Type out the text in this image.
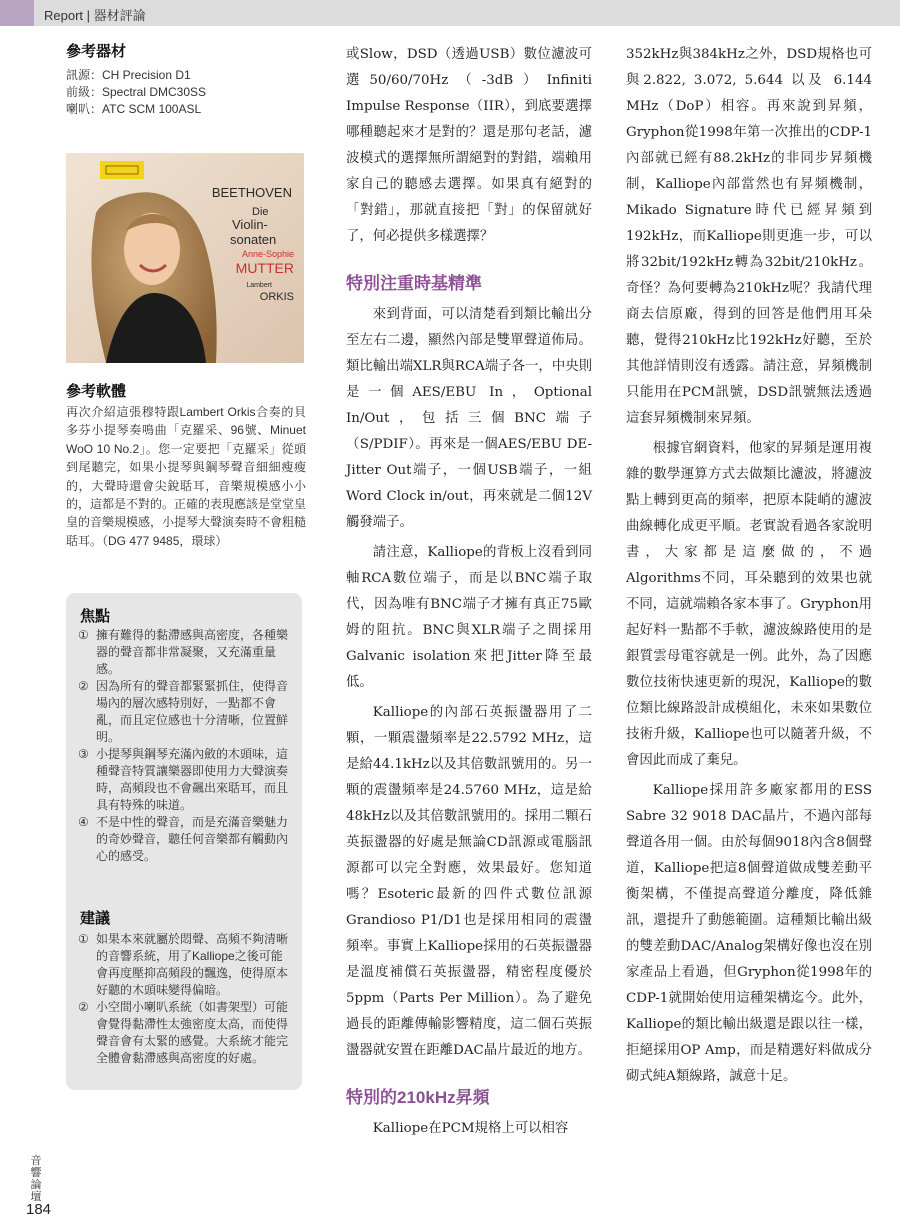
Report | 器材評論
參考器材
訊源：CH Precision D1
前級：Spectral DMC30SS
喇叭：ATC SCM 100ASL
BEETHOVEN
Die
Violin-
sonaten
Anne-Sophie
MUTTER
Lambert
ORKIS
參考軟體
再次介紹這張穆特跟Lambert Orkis合奏的貝多芬小提琴奏鳴曲「克羅采、96號、Minuet WoO 10 No.2」。您一定要把「克羅采」從頭到尾聽完，如果小提琴與鋼琴聲音細細瘦瘦的，大聲時還會尖銳聒耳，音樂規模感小小的，這都是不對的。正確的表現應該是堂堂皇皇的音樂規模感，小提琴大聲演奏時不會粗糙聒耳。（DG 477 9485，環球）
焦點
① 擁有難得的黏滯感與高密度，各種樂器的聲音都非常凝聚，又充滿重量感。
② 因為所有的聲音都緊緊抓住，使得音場內的層次感特別好，一點都不會亂，而且定位感也十分清晰，位置鮮明。
③ 小提琴與鋼琴充滿內斂的木頭味，這種聲音特質讓樂器即使用力大聲演奏時，高頻段也不會飆出來聒耳，而且具有特殊的味道。
④ 不是中性的聲音，而是充滿音樂魅力的奇妙聲音，聽任何音樂都有觸動內心的感受。
建議
① 如果本來就屬於悶聲、高頻不夠清晰的音響系統，用了Kalliope之後可能會再度壓抑高頻段的飄逸，使得原本好聽的木頭味變得偏暗。
② 小空間小喇叭系統（如書架型）可能會覺得黏滯性太強密度太高，而使得聲音會有太緊的感覺。大系統才能完全體會黏滯感與高密度的好處。

或Slow，DSD（透過USB）數位濾波可選50/60/70Hz（-3dB）Infiniti Impulse Response（IIR），到底要選擇哪種聽起來才是對的？還是那句老話，濾波模式的選擇無所謂絕對的對錯，端賴用家自己的聽感去選擇。如果真有絕對的「對錯」，那就直接把「對」的保留就好了，何必提供多樣選擇？

特別注重時基精準

來到背面，可以清楚看到類比輸出分至左右二邊，顯然內部是雙單聲道佈局。類比輸出端XLR與RCA端子各一，中央則是一個AES/EBU In，Optional In/Out，包括三個BNC端子（S/PDIF）。再來是一個AES/EBU DE-Jitter Out端子，一個USB端子，一組Word Clock in/out，再來就是二個12V觸發端子。

請注意，Kalliope的背板上沒看到同軸RCA數位端子，而是以BNC端子取代，因為唯有BNC端子才擁有真正75歐姆的阻抗。BNC與XLR端子之間採用Galvanic isolation來把Jitter降至最低。

Kalliope的內部石英振盪器用了二顆，一顆震盪頻率是22.5792 MHz，這是給44.1kHz以及其倍數訊號用的。另一顆的震盪頻率是24.5760 MHz，這是給48kHz以及其倍數訊號用的。採用二顆石英振盪器的好處是無論CD訊源或電腦訊源都可以完全對應，效果最好。您知道嗎？Esoteric最新的四件式數位訊源Grandioso P1/D1也是採用相同的震盪頻率。事實上Kalliope採用的石英振盪器是溫度補償石英振盪器，精密程度優於5ppm（Parts Per Million）。為了避免過長的距離傳輸影響精度，這二個石英振盪器就安置在距離DAC晶片最近的地方。

特別的210kHz昇頻

Kalliope在PCM規格上可以相容

352kHz與384kHz之外，DSD規格也可與2.822, 3.072, 5.644 以及 6.144 MHz（DoP）相容。再來說到昇頻，Gryphon從1998年第一次推出的CDP-1內部就已經有88.2kHz的非同步昇頻機制，Kalliope內部當然也有昇頻機制，Mikado Signature時代已經昇頻到192kHz，而Kalliope則更進一步，可以將32bit/192kHz轉為32bit/210kHz。奇怪？為何要轉為210kHz呢？我請代理商去信原廠，得到的回答是他們用耳朵聽，覺得210kHz比192kHz好聽，至於其他詳情則沒有透露。請注意，昇頻機制只能用在PCM訊號，DSD訊號無法透過這套昇頻機制來昇頻。

根據官網資料，他家的昇頻是運用複雜的數學運算方式去做類比濾波，將濾波點上轉到更高的頻率，把原本陡峭的濾波曲線轉化成更平順。老實說看過各家說明書，大家都是這麼做的，不過Algorithms不同，耳朵聽到的效果也就不同，這就端賴各家本事了。Gryphon用起好料一點都不手軟，濾波線路使用的是銀質雲母電容就是一例。此外，為了因應數位技術快速更新的現況，Kalliope的數位類比線路設計成模組化，未來如果數位技術升級，Kalliope也可以隨著升級，不會因此而成了棄兒。

Kalliope採用許多廠家都用的ESS Sabre 32 9018 DAC晶片，不過內部每聲道各用一個。由於每個9018內含8個聲道，Kalliope把這8個聲道做成雙差動平衡架構，不僅提高聲道分離度，降低雜訊，還提升了動態範圍。這種類比輸出級的雙差動DAC/Analog架構好像也沒在別家產品上看過，但Gryphon從1998年的CDP-1就開始使用這種架構迄今。此外，Kalliope的類比輸出級還是跟以往一樣，拒絕採用OP Amp，而是精選好料做成分砌式純A類線路，誠意十足。

音響論壇
184
